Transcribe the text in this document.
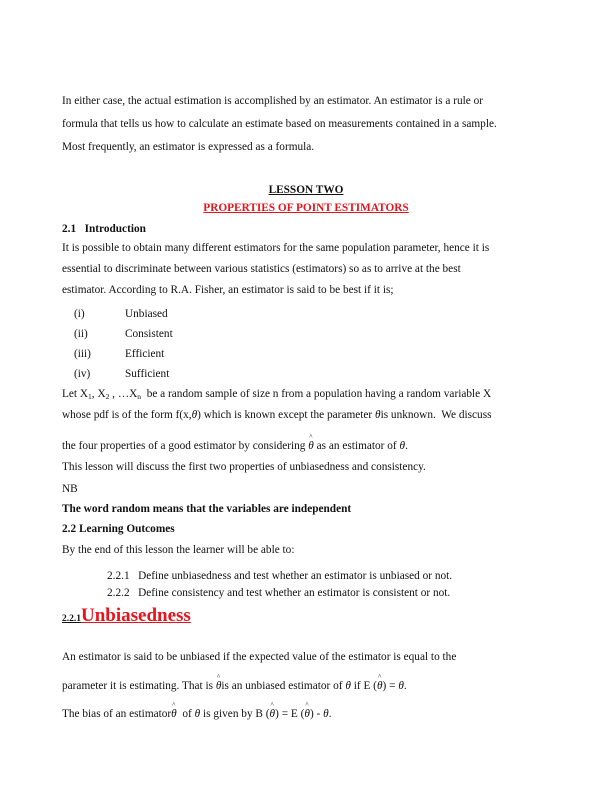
In either case, the actual estimation is accomplished by an estimator. An estimator is a rule or
formula that tells us how to calculate an estimate based on measurements contained in a sample.
Most frequently, an estimator is expressed as a formula.
LESSON TWO
PROPERTIES OF POINT ESTIMATORS
2.1   Introduction
It is possible to obtain many different estimators for the same population parameter, hence it is
essential to discriminate between various statistics (estimators) so as to arrive at the best
estimator. According to R.A. Fisher, an estimator is said to be best if it is;
(i)	Unbiased
(ii)	Consistent
(iii)	Efficient
(iv)	Sufficient
Let $X_1$, $X_2$ , $\dots X_n$  be a random sample of size n from a population having a random variable X
whose pdf is of the form f(x,θ) which is known except the parameter θis unknown.  We discuss
the four properties of a good estimator by considering ^ θ as an estimator of θ.
This lesson will discuss the first two properties of unbiasedness and consistency.
NB
The word random means that the variables are independent
2.2 Learning Outcomes
By the end of this lesson the learner will be able to:
2.2.1   Define unbiasedness and test whether an estimator is unbiased or not.
2.2.2   Define consistency and test whether an estimator is consistent or not.
2.2.1Unbiasedness
An estimator is said to be unbiased if the expected value of the estimator is equal to the
parameter it is estimating. That is ^ θis an unbiased estimator of θ if E (^ θ) = θ.
The bias of an estimator^ θ  of θ is given by B (^ θ) = E (^ θ) - θ.
